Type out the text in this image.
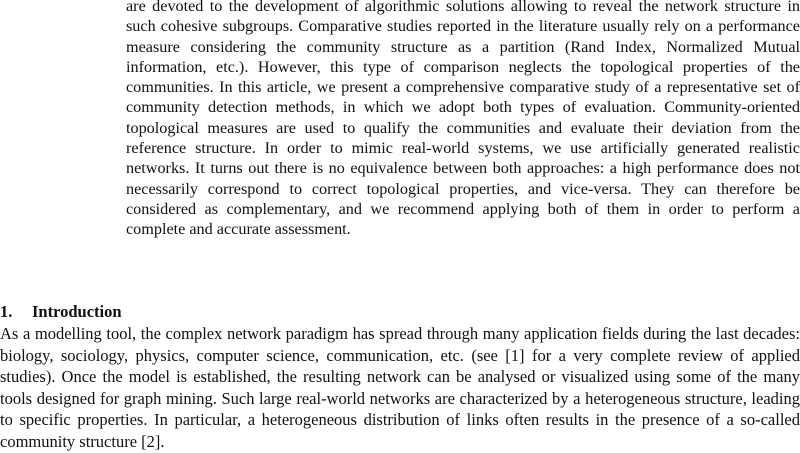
are devoted to the development of algorithmic solutions allowing to reveal the network structure in such cohesive subgroups. Comparative studies reported in the literature usually rely on a performance measure considering the community structure as a partition (Rand Index, Normalized Mutual information, etc.). However, this type of comparison neglects the topological properties of the communities. In this article, we present a comprehensive comparative study of a representative set of community detection methods, in which we adopt both types of evaluation. Community-oriented topological measures are used to qualify the communities and evaluate their deviation from the reference structure. In order to mimic real-world systems, we use artificially generated realistic networks. It turns out there is no equivalence between both approaches: a high performance does not necessarily correspond to correct topological properties, and vice-versa. They can therefore be considered as complementary, and we recommend applying both of them in order to perform a complete and accurate assessment.

1. Introduction

As a modelling tool, the complex network paradigm has spread through many application fields during the last decades: biology, sociology, physics, computer science, communication, etc. (see [1] for a very complete review of applied studies). Once the model is established, the resulting network can be analysed or visualized using some of the many tools designed for graph mining. Such large real-world networks are characterized by a heterogeneous structure, leading to specific properties. In particular, a heterogeneous distribution of links often results in the presence of a so-called community structure [2].
